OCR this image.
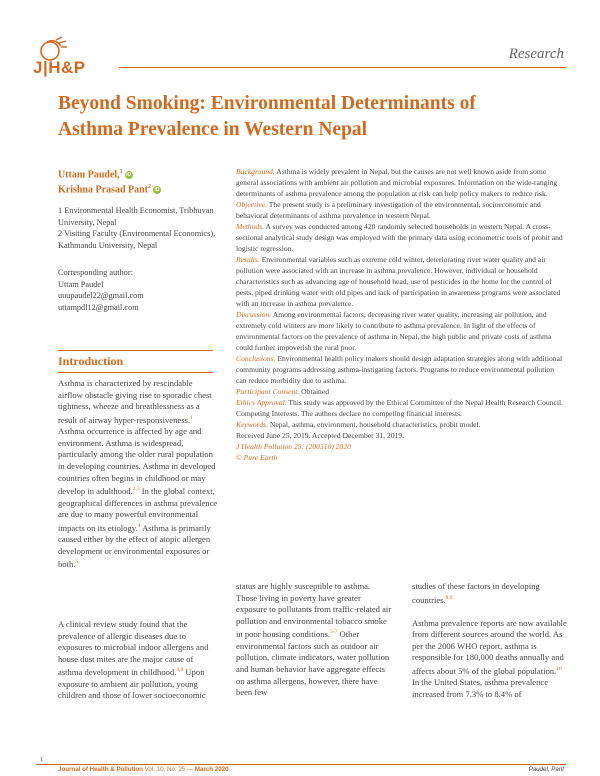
J|H&P
Research
Beyond Smoking: Environmental Determinants of Asthma Prevalence in Western Nepal
Uttam Paudel,$^1$iD
Krishna Prasad Pant$^2$iD
1 Environmental Health Economist, Tribhuvan University, Nepal
2 Visiting Faculty (Environmental Economics), Kathmandu University, Nepal
Corresponding author:
Uttam Paudel
uuupaudel22@gmail.com
uttampdl12@gmail.com
Introduction
Asthma is characterized by rescindable airflow obstacle giving rise to sporadic chest tightness, wheeze and breathlessness as a result of airway hyper-responsiveness.$^1$ Asthma occurrence is affected by age and environment. Asthma is widespread, particularly among the older rural population in developing countries. Asthma in developed countries often begins in childhood or may develop in adulthood.$^{2,3}$ In the global context, geographical differences in asthma prevalence are due to many powerful environmental impacts on its etiology.$^4$ Asthma is primarily caused either by the effect of atopic allergen development or environmental exposures or both.$^5$
A clinical review study found that the prevalence of allergic diseases due to exposures to microbial indoor allergens and house dust mites are the major cause of asthma development in childhood.$^{4,6}$ Upon exposure to ambient air pollution, young children and those of lower socioeconomic

Background. Asthma is widely prevalent in Nepal, but the causes are not well known aside from some general associations with ambient air pollution and microbial exposures. Information on the wide-ranging determinants of asthma prevalence among the population at risk can help policy makers to reduce risk.

Objective. The present study is a preliminary investigation of the environmental, socioeconomic and behavioral determinants of asthma prevalence in western Nepal.

Methods. A survey was conducted among 420 randomly selected households in western Nepal. A cross-sectional analytical study design was employed with the primary data using econometric tools of probit and logistic regression.

Results. Environmental variables such as extreme cold winter, deteriorating river water quality and air pollution were associated with an increase in asthma prevalence. However, individual or household characteristics such as advancing age of household head, use of pesticides in the home for the control of pests, piped drinking water with old pipes and lack of participation in awareness programs were associated with an increase in asthma prevalence.

Discussion. Among environmental factors, decreasing river water quality, increasing air pollution, and extremely cold winters are more likely to contribute to asthma prevalence. In light of the effects of environmental factors on the prevalence of asthma in Nepal, the high public and private costs of asthma could further impoverish the rural poor.

Conclusions. Environmental health policy makers should design adaptation strategies along with additional community programs addressing asthma-instigating factors. Programs to reduce environmental pollution can reduce morbidity due to asthma.

Participant Consent. Obtained

Ethics Approval. This study was approved by the Ethical Committee of the Nepal Health Research Council.

Competing Interests. The authors declare no competing financial interests.

Keywords. Nepal, asthma, environment, household characteristics, probit model.

Received June 25, 2019. Accepted December 31, 2019.

J Health Pollution 25: (200310) 2020

© Pure Earth

status are highly susceptible to asthma. Those living in poverty have greater exposure to pollutants from traffic-related air pollution and environmental tobacco smoke in poor housing conditions.$^{5-7}$ Other environmental factors such as outdoor air pollution, climate indicators, water pollution and human behavior have aggregate effects on asthma allergens, however, there have been few
studies of these factors in developing countries.$^{8,9}$
Asthma prevalence reports are now available from different sources around the world. As per the 2006 WHO report, asthma is responsible for 180,000 deaths annually and affects about 5% of the global population.$^{10}$ In the United States, asthma prevalence increased from 7.3% to 8.4% of
1
Journal of Health & Pollution Vol. 10, No. 25 — March 2020	Paudel, Pant
